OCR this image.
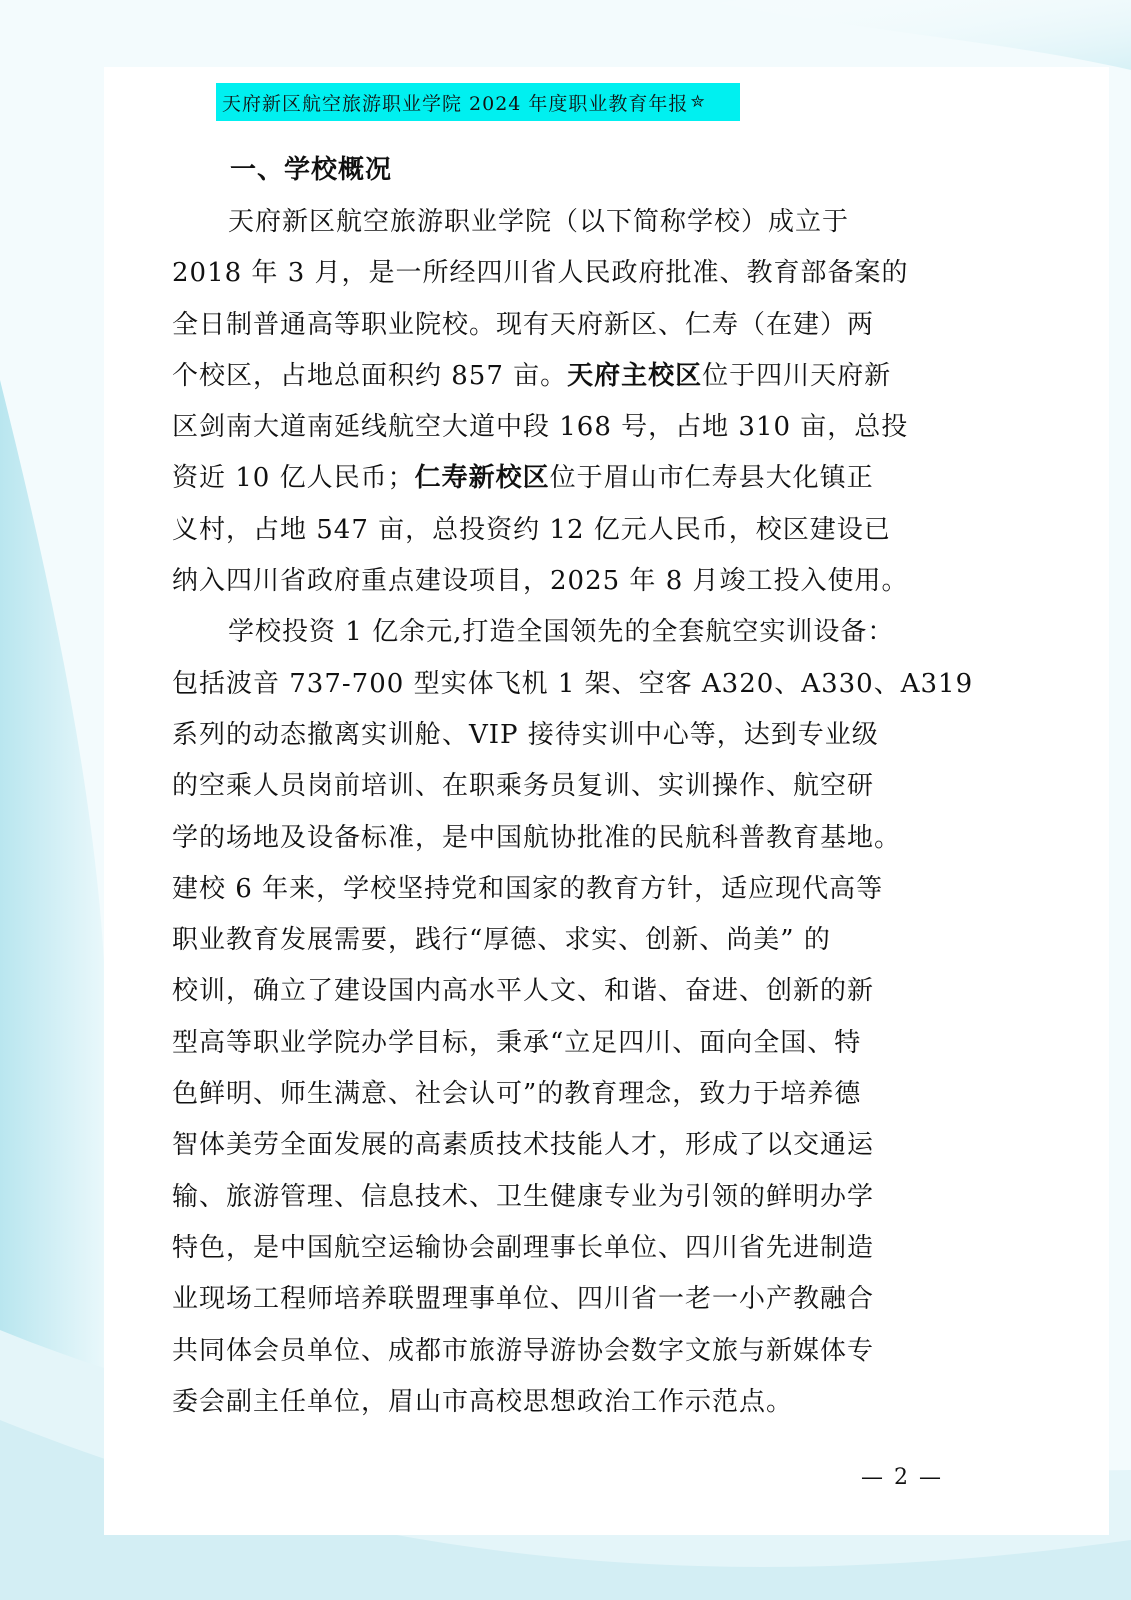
天府新区航空旅游职业学院 2024 年度职业教育年报 ✮
一、学校概况
天府新区航空旅游职业学院（以下简称学校）成立于
2018 年 3 月，是一所经四川省人民政府批准、教育部备案的
全日制普通高等职业院校。现有天府新区、仁寿（在建）两
个校区，占地总面积约 857 亩。天府主校区位于四川天府新
区剑南大道南延线航空大道中段 168 号，占地 310 亩，总投
资近 10 亿人民币；仁寿新校区位于眉山市仁寿县大化镇正
义村，占地 547 亩，总投资约 12 亿元人民币，校区建设已
纳入四川省政府重点建设项目，2025 年 8 月竣工投入使用。
学校投资 1 亿余元,打造全国领先的全套航空实训设备：
包括波音 737-700 型实体飞机 1 架、空客 A320、A330、A319
系列的动态撤离实训舱、VIP 接待实训中心等，达到专业级
的空乘人员岗前培训、在职乘务员复训、实训操作、航空研
学的场地及设备标准，是中国航协批准的民航科普教育基地。
建校 6 年来，学校坚持党和国家的教育方针，适应现代高等
职业教育发展需要，践行“厚德、求实、创新、尚美” 的
校训，确立了建设国内高水平人文、和谐、奋进、创新的新
型高等职业学院办学目标，秉承“立足四川、面向全国、特
色鲜明、师生满意、社会认可”的教育理念，致力于培养德
智体美劳全面发展的高素质技术技能人才，形成了以交通运
输、旅游管理、信息技术、卫生健康专业为引领的鲜明办学
特色，是中国航空运输协会副理事长单位、四川省先进制造
业现场工程师培养联盟理事单位、四川省一老一小产教融合
共同体会员单位、成都市旅游导游协会数字文旅与新媒体专
委会副主任单位，眉山市高校思想政治工作示范点。
— 2 —
